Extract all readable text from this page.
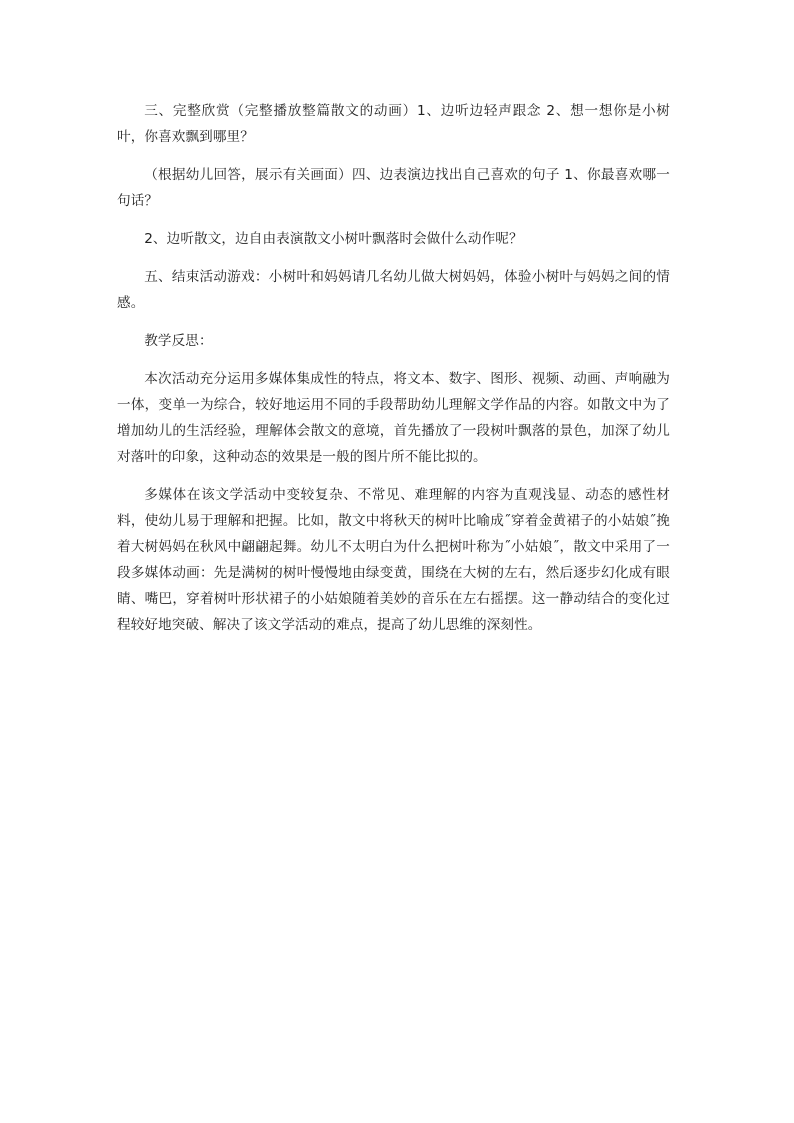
三、完整欣赏（完整播放整篇散文的动画）1、边听边轻声跟念 2、想一想你是小树叶，你喜欢飘到哪里？

（根据幼儿回答，展示有关画面）四、边表演边找出自己喜欢的句子 1、你最喜欢哪一句话？

2、边听散文，边自由表演散文小树叶飘落时会做什么动作呢？

五、结束活动游戏：小树叶和妈妈请几名幼儿做大树妈妈，体验小树叶与妈妈之间的情感。

教学反思：

本次活动充分运用多媒体集成性的特点，将文本、数字、图形、视频、动画、声响融为一体，变单一为综合，较好地运用不同的手段帮助幼儿理解文学作品的内容。如散文中为了增加幼儿的生活经验，理解体会散文的意境，首先播放了一段树叶飘落的景色，加深了幼儿对落叶的印象，这种动态的效果是一般的图片所不能比拟的。

多媒体在该文学活动中变较复杂、不常见、难理解的内容为直观浅显、动态的感性材料，使幼儿易于理解和把握。比如，散文中将秋天的树叶比喻成˝穿着金黄裙子的小姑娘˝挽着大树妈妈在秋风中翩翩起舞。幼儿不太明白为什么把树叶称为˝小姑娘˝，散文中采用了一段多媒体动画：先是满树的树叶慢慢地由绿变黄，围绕在大树的左右，然后逐步幻化成有眼睛、嘴巴，穿着树叶形状裙子的小姑娘随着美妙的音乐在左右摇摆。这一静动结合的变化过程较好地突破、解决了该文学活动的难点，提高了幼儿思维的深刻性。
